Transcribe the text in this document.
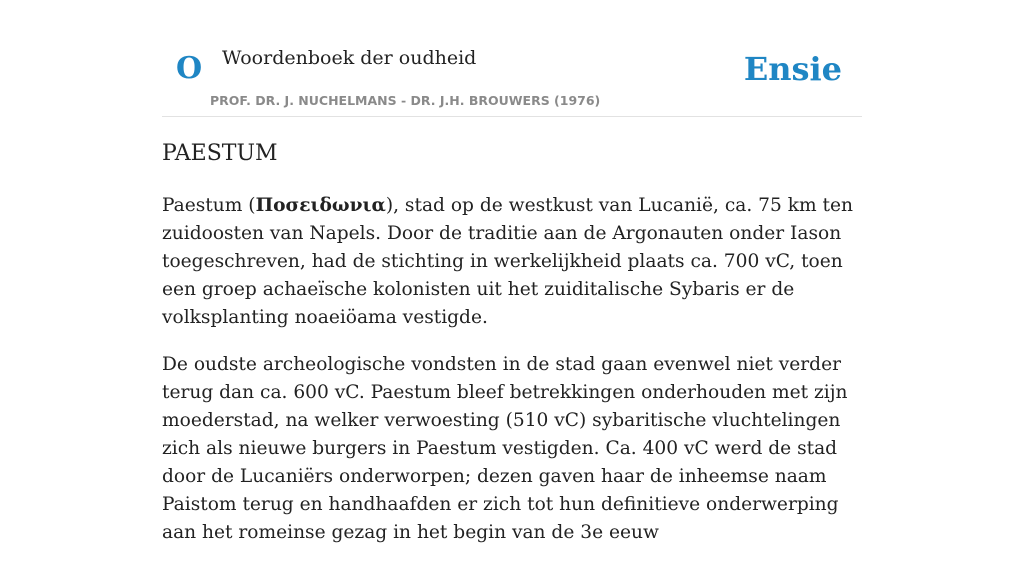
O Woordenboek der oudheid
PROF. DR. J. NUCHELMANS - DR. J.H. BROUWERS (1976)
Ensie
PAESTUM

Paestum (Ποσειδωνια), stad op de westkust van Lucanië, ca. 75 km ten zuidoosten van Napels. Door de traditie aan de Argonauten onder Iason toegeschreven, had de stichting in werkelijkheid plaats ca. 700 vC, toen een groep achaeïsche kolonisten uit het zuiditalische Sybaris er de volksplanting noaeiöama vestigde.

De oudste archeologische vondsten in de stad gaan evenwel niet verder terug dan ca. 600 vC. Paestum bleef betrekkingen onderhouden met zijn moederstad, na welker verwoesting (510 vC) sybaritische vluchtelingen zich als nieuwe burgers in Paestum vestigden. Ca. 400 vC werd de stad door de Lucaniërs onderworpen; dezen gaven haar de inheemse naam Paistom terug en handhaafden er zich tot hun definitieve onderwerping aan het romeinse gezag in het begin van de 3e eeuw
